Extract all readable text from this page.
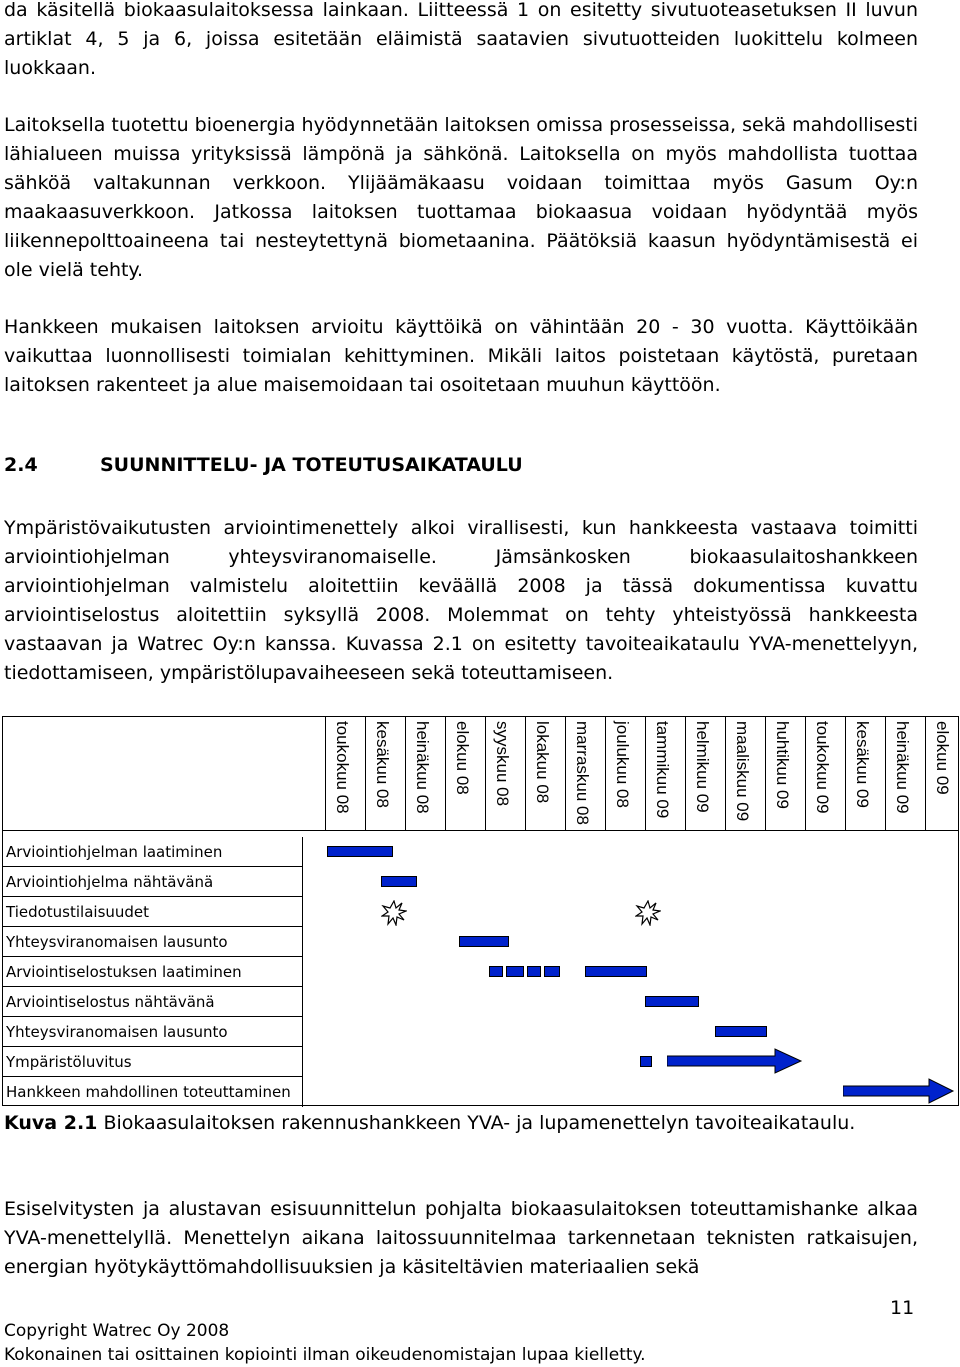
da käsitellä biokaasulaitoksessa lainkaan. Liitteessä 1 on esitetty sivutuoteasetuksen II luvun artiklat 4, 5 ja 6, joissa esitetään eläimistä saatavien sivutuotteiden luokittelu kolmeen luokkaan.

Laitoksella tuotettu bioenergia hyödynnetään laitoksen omissa prosesseissa, sekä mahdollisesti lähialueen muissa yrityksissä lämpönä ja sähkönä. Laitoksella on myös mahdollista tuottaa sähköä valtakunnan verkkoon. Ylijäämäkaasu voidaan toimittaa myös Gasum Oy:n maakaasuverkkoon. Jatkossa laitoksen tuottamaa biokaasua voidaan hyödyntää myös liikennepolttoaineena tai nesteytettynä biometaanina. Päätöksiä kaasun hyödyntämisestä ei ole vielä tehty.

Hankkeen mukaisen laitoksen arvioitu käyttöikä on vähintään 20 - 30 vuotta. Käyttöikään vaikuttaa luonnollisesti toimialan kehittyminen. Mikäli laitos poistetaan käytöstä, puretaan laitoksen rakenteet ja alue maisemoidaan tai osoitetaan muuhun käyttöön.

2.4	SUUNNITTELU- JA TOTEUTUSAIKATAULU

Ympäristövaikutusten arviointimenettely alkoi virallisesti, kun hankkeesta vastaava toimitti arviointiohjelman yhteysviranomaiselle. Jämsänkosken biokaasulaitoshankkeen arviointiohjelman valmistelu aloitettiin keväällä 2008 ja tässä dokumentissa kuvattu arviointiselostus aloitettiin syksyllä 2008. Molemmat on tehty yhteistyössä hankkeesta vastaavan ja Watrec Oy:n kanssa. Kuvassa 2.1 on esitetty tavoiteaikataulu YVA-menettelyyn, tiedottamiseen, ympäristölupavaiheeseen sekä toteuttamiseen.

toukokuu 08 kesäkuu 08 heinäkuu 08 elokuu 08 syyskuu 08 lokakuu 08 marraskuu 08 joulukuu 08 tammikuu 09 helmikuu 09 maaliskuu 09 huhtikuu 09 toukokuu 09 kesäkuu 09 heinäkuu 09 elokuu 09
Arviointiohjelman laatiminen
Arviointiohjelma nähtävänä
Tiedotustilaisuudet
Yhteysviranomaisen lausunto
Arviointiselostuksen laatiminen
Arviointiselostus nähtävänä
Yhteysviranomaisen lausunto
Ympäristöluvitus
Hankkeen mahdollinen toteuttaminen
Kuva 2.1 Biokaasulaitoksen rakennushankkeen YVA- ja lupamenettelyn tavoiteaikataulu.

Esiselvitysten ja alustavan esisuunnittelun pohjalta biokaasulaitoksen toteuttamishanke alkaa YVA-menettelyllä. Menettelyn aikana laitossuunnitelmaa tarkennetaan teknisten ratkaisujen, energian hyötykäyttömahdollisuuksien ja käsiteltävien materiaalien sekä

11
Copyright Watrec Oy 2008
Kokonainen tai osittainen kopiointi ilman oikeudenomistajan lupaa kielletty.
